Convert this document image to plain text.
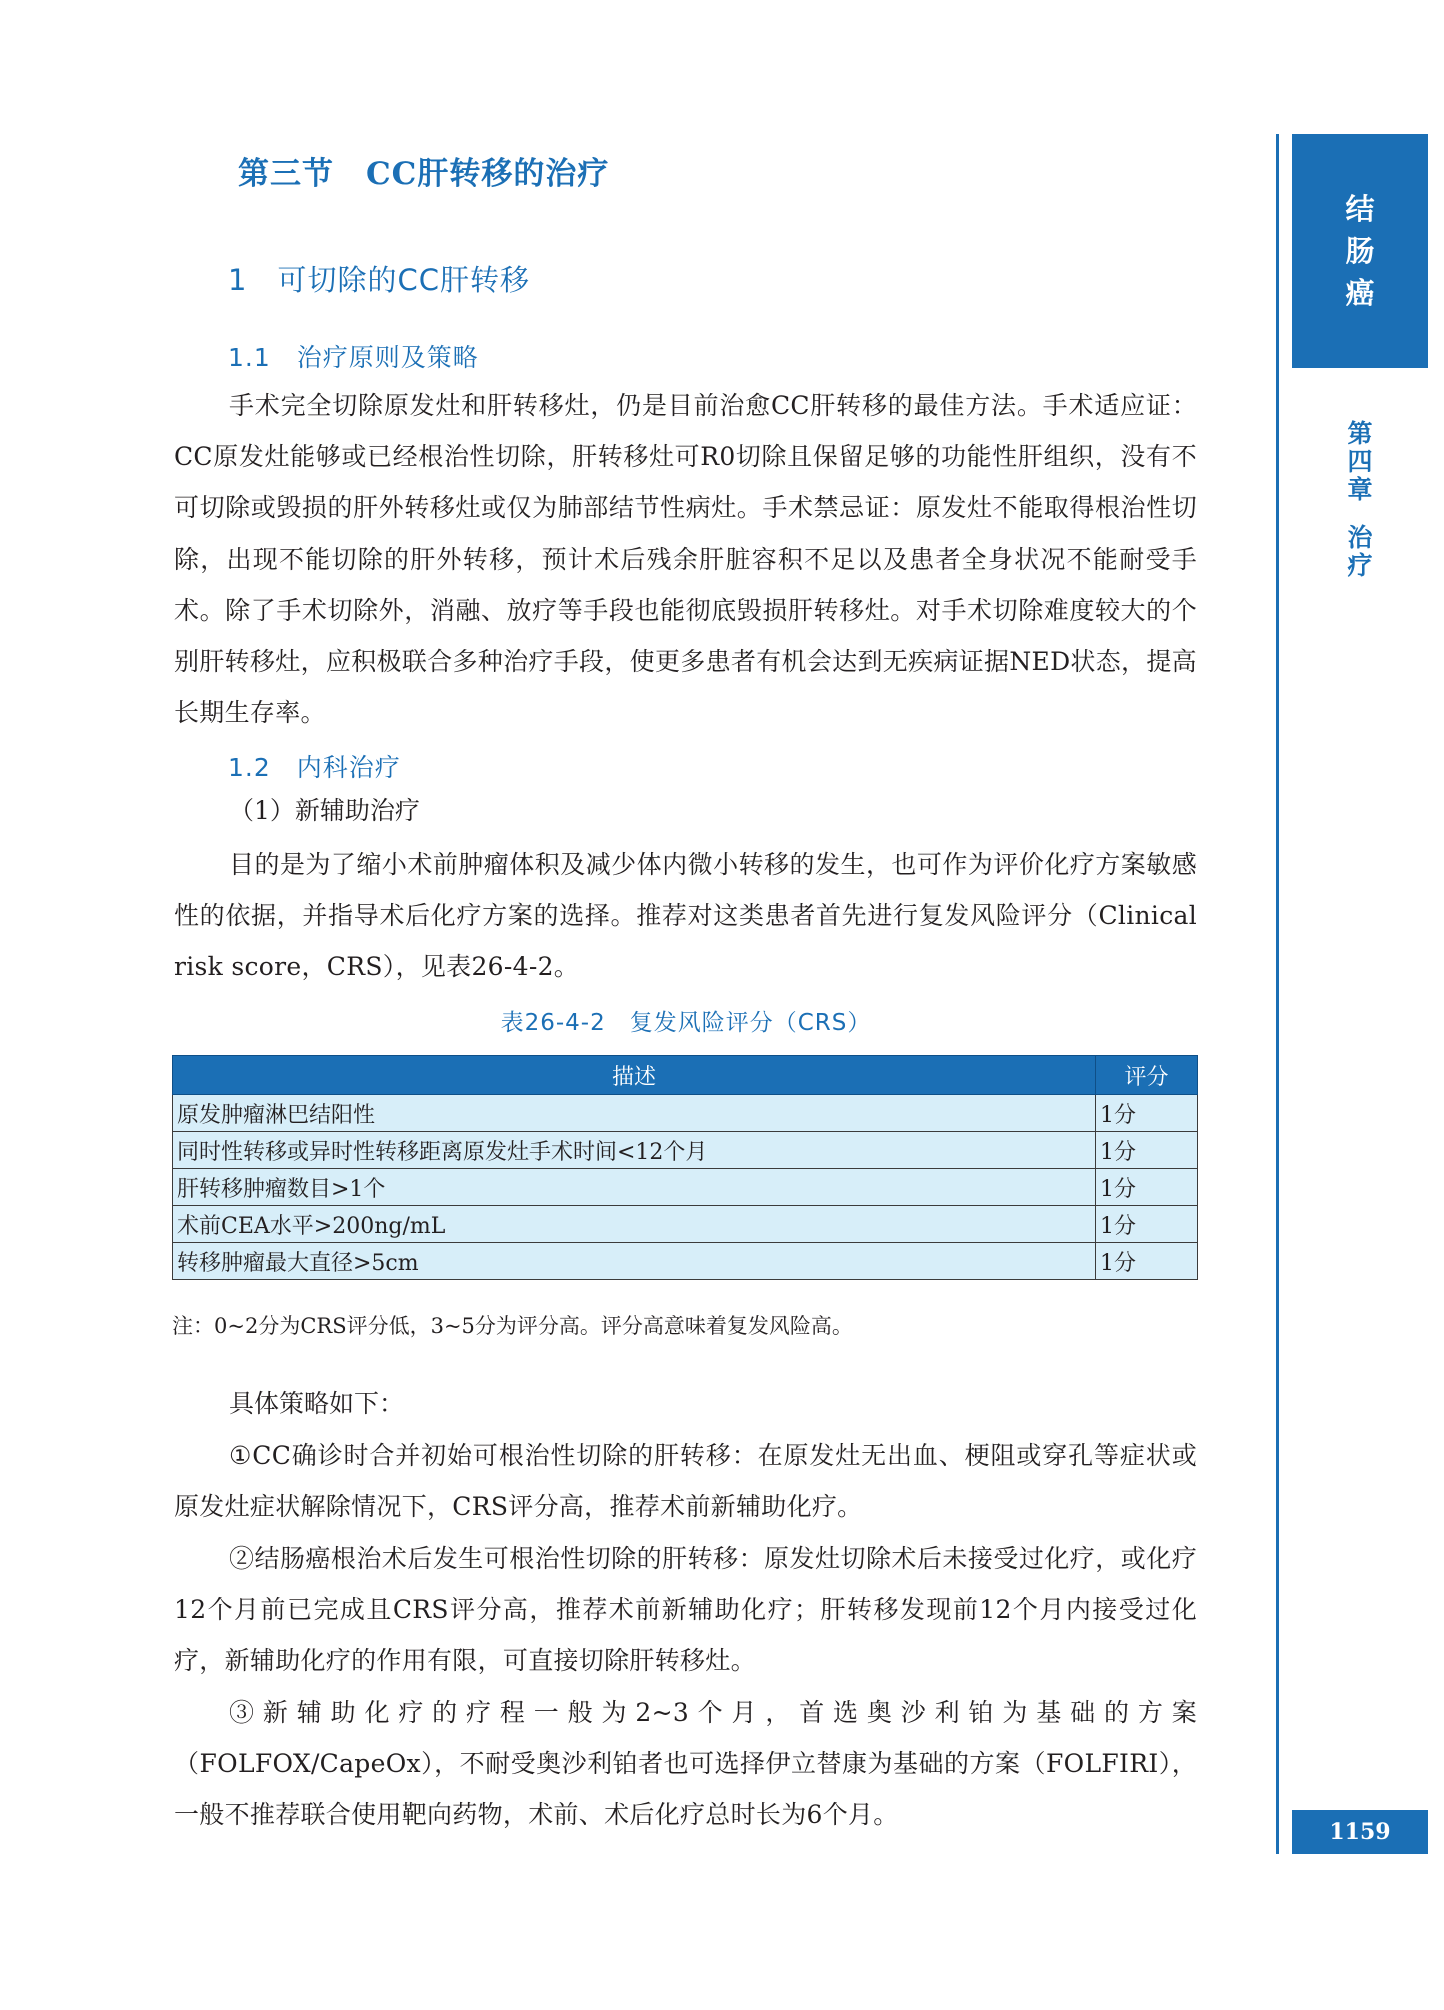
第三节　CC肝转移的治疗
1　可切除的CC肝转移
1.1　治疗原则及策略
手术完全切除原发灶和肝转移灶，仍是目前治愈CC肝转移的最佳方法。手术适应证：CC原发灶能够或已经根治性切除，肝转移灶可R0切除且保留足够的功能性肝组织，没有不可切除或毁损的肝外转移灶或仅为肺部结节性病灶。手术禁忌证：原发灶不能取得根治性切除，出现不能切除的肝外转移，预计术后残余肝脏容积不足以及患者全身状况不能耐受手术。除了手术切除外，消融、放疗等手段也能彻底毁损肝转移灶。对手术切除难度较大的个别肝转移灶，应积极联合多种治疗手段，使更多患者有机会达到无疾病证据NED状态，提高长期生存率。
1.2　内科治疗
（1）新辅助治疗
目的是为了缩小术前肿瘤体积及减少体内微小转移的发生，也可作为评价化疗方案敏感性的依据，并指导术后化疗方案的选择。推荐对这类患者首先进行复发风险评分（Clinical risk score，CRS），见表26-4-2。
表26-4-2　复发风险评分（CRS）
描述	评分
原发肿瘤淋巴结阳性	1分
同时性转移或异时性转移距离原发灶手术时间<12个月	1分
肝转移肿瘤数目>1个	1分
术前CEA水平>200ng/mL	1分
转移肿瘤最大直径>5cm	1分
注：0~2分为CRS评分低，3~5分为评分高。评分高意味着复发风险高。
具体策略如下：
①CC确诊时合并初始可根治性切除的肝转移：在原发灶无出血、梗阻或穿孔等症状或原发灶症状解除情况下，CRS评分高，推荐术前新辅助化疗。
②结肠癌根治术后发生可根治性切除的肝转移：原发灶切除术后未接受过化疗，或化疗12个月前已完成且CRS评分高，推荐术前新辅助化疗；肝转移发现前12个月内接受过化疗，新辅助化疗的作用有限，可直接切除肝转移灶。
③新辅助化疗的疗程一般为2~3个月，首选奥沙利铂为基础的方案（FOLFOX/CapeOx），不耐受奥沙利铂者也可选择伊立替康为基础的方案（FOLFIRI），一般不推荐联合使用靶向药物，术前、术后化疗总时长为6个月。
结
肠
癌
第
四
章
治
疗
1159
